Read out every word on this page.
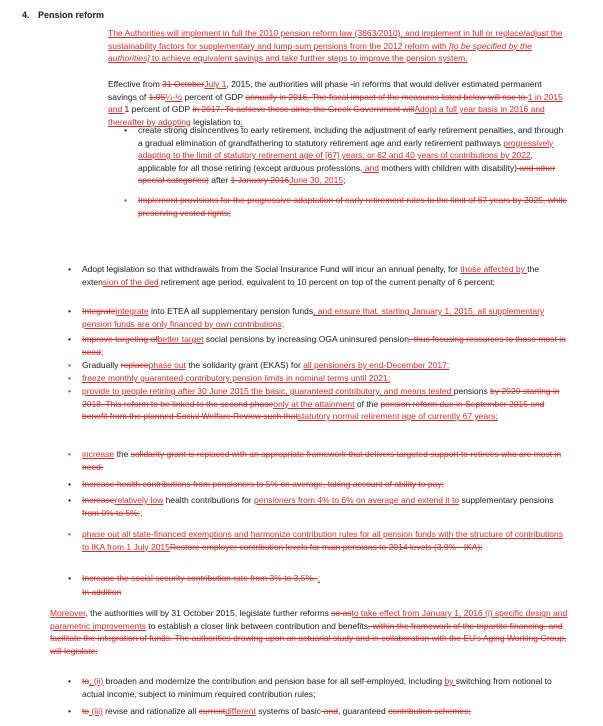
4. Pension reform

The Authorities will implement in full the 2010 pension reform law (3863/2010), and implement in full or replace/adjust the sustainability factors for supplementary and lump-sum pensions from the 2012 reform with [to be specified by the authorities] to achieve equivalent savings and take further steps to improve the pension system.

Effective from 31 OctoberJuly 1, 2015, the authorities will phase -in reforms that would deliver estimated permanent savings of 1.05¼-½ percent of GDP annually in 2016. The fiscal impact of the measures listed below will rise to 1 in 2015 and 1 percent of GDP in 2017. To achieve these aims, the Greek Government willAdopt a full year basis in 2016 and thereafter by adopting legislation to:

• create strong disincentives to early retirement, including the adjustment of early retirement penalties, and through a gradual elimination of grandfathering to statutory retirement age and early retirement pathways progressively adapting to the limit of statutory retirement age of [67] years, or 62 and 40 years of contributions by 2022, applicable for all those retiring (except arduous professions, and mothers with children with disability) and other special categories) after 1 January 2016June 30, 2015;

• Implement provisions for the progressive adaptation of early retirement rules to the limit of 67 years by 2025, while preserving vested rights;

• Adopt legislation so that withdrawals from the Social Insurance Fund will incur an annual penalty, for those affected by the extension of the ded retirement age period, equivalent to 10 percent on top of the current penalty of 6 percent;

• Integrateintegrate into ETEA all supplementary pension funds, and ensure that, starting January 1, 2015, all supplementary pension funds are only financed by own contributions;

• Improve targeting ofbetter target social pensions by increasing OGA uninsured pension. thus focusing resources to those most in need;

• Gradually replacephase out the solidarity grant (EKAS) for all pensioners by end-December 2017;

• freeze monthly guaranteed contributory pension limits in nominal terms until 2021;

• provide to people retiring after 30 June 2015 the basic, guaranteed contributory, and means tested pensions by 2020 starting in 2018. This reform to be linked to the second phaseonly at the attainment of the pension reform due in September 2015 and benefit from the planned Social Welfare Review such thatstatutory normal retirement age of currently 67 years;

• increase the solidarity grant is replaced with an appropriate framework that delivers targeted support to retirees who are most in need;

• Increase health contributions from pensioners to 5% on average, taking account of ability to pay;

• Increaserelatively low health contributions for pensioners from 4% to 6% on average and extend it to supplementary pensions from 0% to 5%;;

• phase out all state-financed exemptions and harmonize contribution rules for all pension funds with the structure of contributions to IKA from 1 July 2015Restore employer contribution levels for main pensions to 2014 levels (3.9% - IKA);

• Increase the social security contribution rate from 3% to 3.5%. ;

In addition

Moreover, the authorities will by 31 October 2015, legislate further reforms so asto take effect from January 1, 2016 (i) specific design and parametric improvements to establish a closer link between contribution and benefits, within the framework of the tripartite financing, and facilitate the integration of funds. The authorities drawing upon an actuarial study and in collaboration with the EU's Aging Working Group, will legislate:

• to; (ii) broaden and modernize the contribution and pension base for all self-employed, including by switching from notional to actual income, subject to minimum required contribution rules;

• to (iii) revise and rationalize all currentdifferent systems of basic-and, guaranteed contribution schemes;
